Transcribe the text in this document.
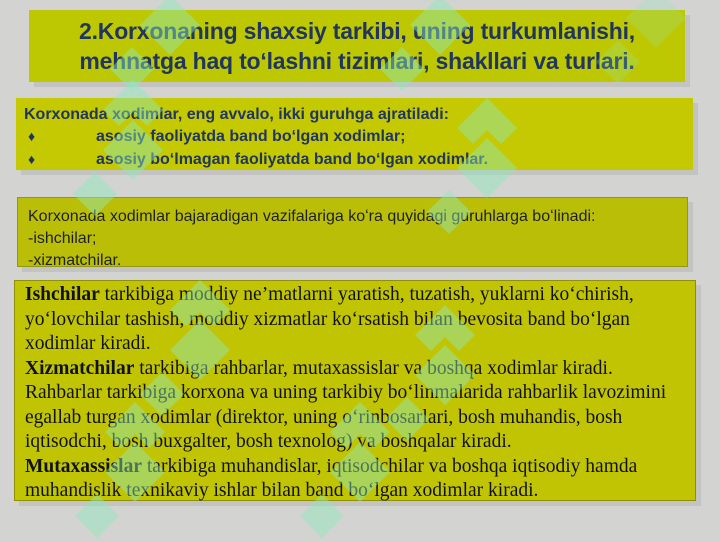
2.Korxonaning shaxsiy tarkibi, uning turkumlanishi,
mehnatga haq toʻlashni tizimlari, shakllari va turlari.
Korxonada xodimlar, eng avvalo, ikki guruhga ajratiladi:
♦	asosiy faoliyatda band boʻlgan xodimlar;
♦	asosiy boʻlmagan faoliyatda band boʻlgan xodimlar.
Korxonada xodimlar bajaradigan vazifalariga koʻra quyidagi guruhlarga boʻlinadi:
-ishchilar;
-xizmatchilar.

Ishchilar tarkibiga moddiy ne’matlarni yaratish, tuzatish, yuklarni koʻchirish, yoʻlovchilar tashish, moddiy xizmatlar koʻrsatish bilan bevosita band boʻlgan xodimlar kiradi.

Xizmatchilar tarkibiga rahbarlar, mutaxassislar va boshqa xodimlar kiradi.

Rahbarlar tarkibiga korxona va uning tarkibiy boʻlinmalarida rahbarlik lavozimini egallab turgan xodimlar (direktor, uning oʻrinbosarlari, bosh muhandis, bosh iqtisodchi, bosh buxgalter, bosh texnolog) va boshqalar kiradi.

Mutaxassislar tarkibiga muhandislar, iqtisodchilar va boshqa iqtisodiy hamda muhandislik texnikaviy ishlar bilan band boʻlgan xodimlar kiradi.
